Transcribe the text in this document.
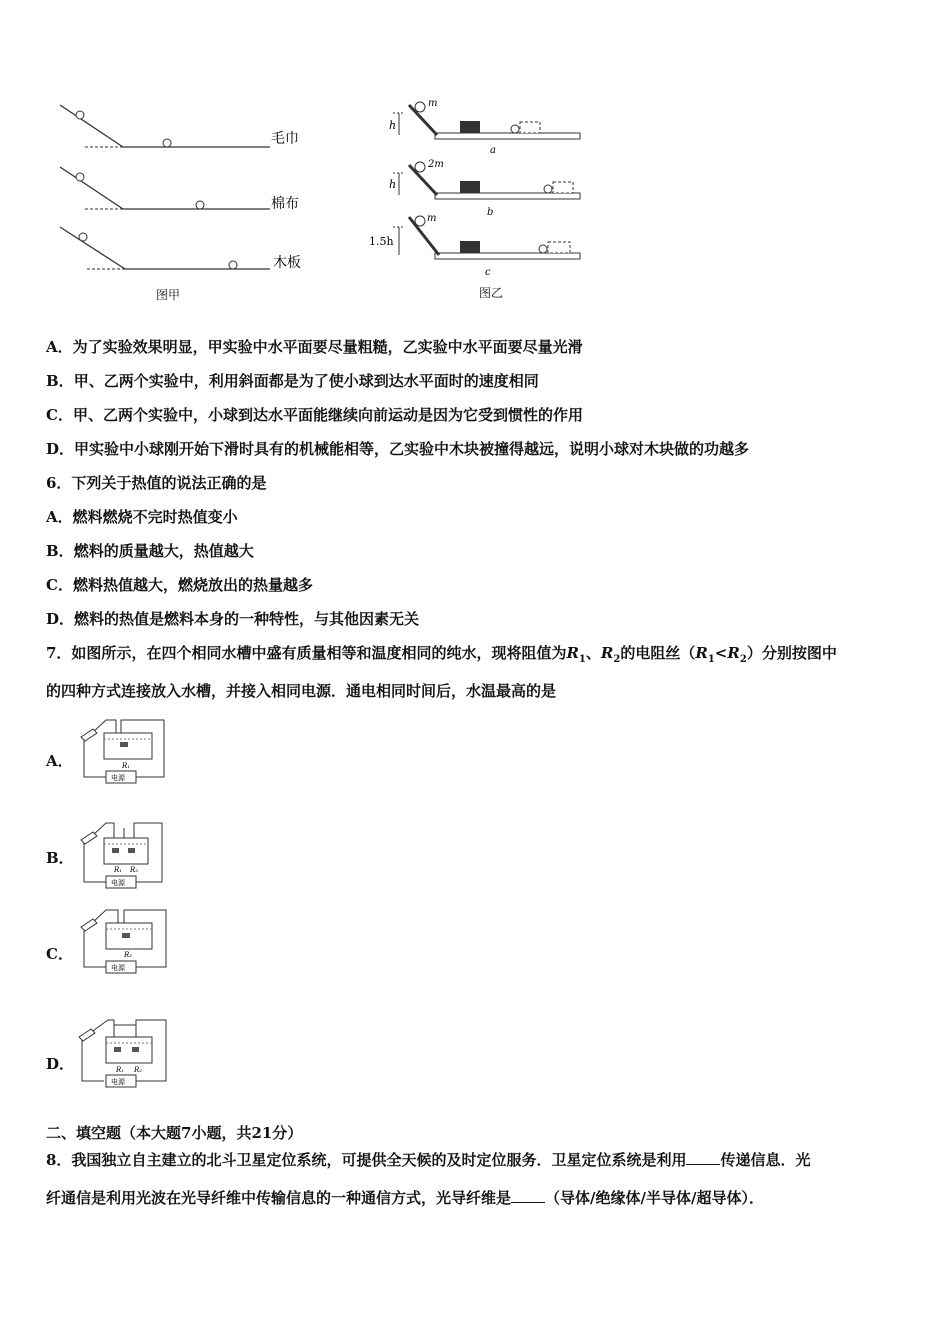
毛巾
棉布
木板
图甲
m
h
a
2m
h
b
m
1.5h
c
图乙
A．为了实验效果明显，甲实验中水平面要尽量粗糙，乙实验中水平面要尽量光滑
B．甲、乙两个实验中，利用斜面都是为了使小球到达水平面时的速度相同
C．甲、乙两个实验中，小球到达水平面能继续向前运动是因为它受到惯性的作用
D．甲实验中小球刚开始下滑时具有的机械能相等，乙实验中木块被撞得越远，说明小球对木块做的功越多
6．下列关于热值的说法正确的是
A．燃料燃烧不完时热值变小
B．燃料的质量越大，热值越大
C．燃料热值越大，燃烧放出的热量越多
D．燃料的热值是燃料本身的一种特性，与其他因素无关
7．如图所示，在四个相同水槽中盛有质量相等和温度相同的纯水，现将阻值为$R_1$、$R_2$的电阻丝$(R_1<R_2)$分别按图中
的四种方式连接放入水槽，并接入相同电源．通电相同时间后，水温最高的是
A．	R₁
电源
B．
R₁ R₂
电源
C．	R₂
电源
D．	R₁ R₂
电源
二、填空题（本大题7小题，共21分）
8．我国独立自主建立的北斗卫星定位系统，可提供全天候的及时定位服务．卫星定位系统是利用 传递信息．光
纤通信是利用光波在光导纤维中传输信息的一种通信方式，光导纤维是 （导体/绝缘体/半导体/超导体）．
